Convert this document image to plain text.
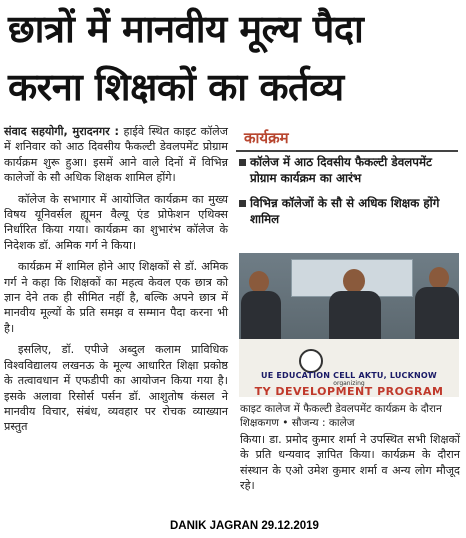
छात्रों में मानवीय मूल्य पैदा
करना शिक्षकों का कर्तव्य

संवाद सहयोगी, मुरादनगर : हाईवे स्थित काइट कॉलेज में शनिवार को आठ दिवसीय फैकल्टी डेवलपमेंट प्रोग्राम कार्यक्रम शुरू हुआ। इसमें आने वाले दिनों में विभिन्न कालेजों के सौ अधिक शिक्षक शामिल होंगे।

कॉलेज के सभागार में आयोजित कार्यक्रम का मुख्य विषय यूनिवर्सल ह्यूमन वैल्यू एंड प्रोफेशन एथिक्स निर्धारित किया गया। कार्यक्रम का शुभारंभ कॉलेज के निदेशक डॉ. अमिक गर्ग ने किया।

कार्यक्रम में शामिल होने आए शिक्षकों से डॉ. अमिक गर्ग ने कहा कि शिक्षकों का महत्व केवल एक छात्र को ज्ञान देने तक ही सीमित नहीं है, बल्कि अपने छात्र में मानवीय मूल्यों के प्रति समझ व सम्मान पैदा करना भी है।

इसलिए, डॉ. एपीजे अब्दुल कलाम प्राविधिक विश्वविद्यालय लखनऊ के मूल्य आधारित शिक्षा प्रकोष्ठ के तत्वावधान में एफडीपी का आयोजन किया गया है। इसके अलावा रिसोर्स पर्सन डॉ. आशुतोष कंसल ने मानवीय विचार, संबंध, व्यवहार पर रोचक व्याख्यान प्रस्तुत

कार्यक्रम
कॉलेज में आठ दिवसीय फैकल्टी डेवलपमेंट प्रोग्राम कार्यक्रम का आरंभ
विभिन्न कॉलेजों के सौ से अधिक शिक्षक होंगे शामिल
UE EDUCATION CELL AKTU, LUCKNOW
organizing
TY DEVELOPMENT PROGRAM
काइट कालेज में फैकल्टी डेवलपमेंट कार्यक्रम के दौरान शिक्षकगण • सौजन्य : कालेज

किया। डा. प्रमोद कुमार शर्मा ने उपस्थित सभी शिक्षकों के प्रति धन्यवाद ज्ञापित किया। कार्यक्रम के दौरान संस्थान के एओ उमेश कुमार शर्मा व अन्य लोग मौजूद रहे।

DANIK JAGRAN 29.12.2019
